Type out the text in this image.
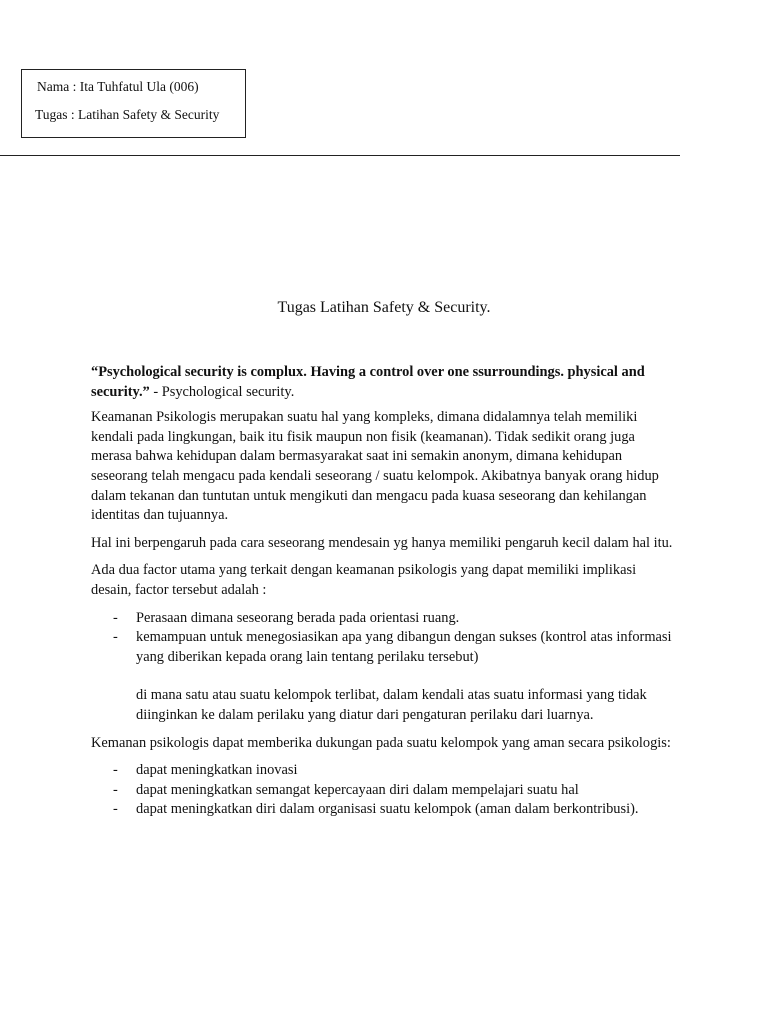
Nama : Ita Tuhfatul Ula (006)
Tugas : Latihan Safety & Security
Tugas Latihan Safety & Security.

“Psychological security is complux. Having a control over one ssurroundings. physical and security.” - Psychological security.

Keamanan Psikologis merupakan suatu hal yang kompleks, dimana didalamnya telah memiliki kendali pada lingkungan, baik itu fisik maupun non fisik (keamanan). Tidak sedikit orang juga merasa bahwa kehidupan dalam bermasyarakat saat ini semakin anonym, dimana kehidupan seseorang telah mengacu pada kendali seseorang / suatu kelompok. Akibatnya banyak orang hidup dalam tekanan dan tuntutan untuk mengikuti dan mengacu pada kuasa seseorang dan kehilangan identitas dan tujuannya.

Hal ini berpengaruh pada cara seseorang mendesain yg hanya memiliki pengaruh kecil dalam hal itu.

Ada dua factor utama yang terkait dengan keamanan psikologis yang dapat memiliki implikasi desain, factor tersebut adalah :

- Perasaan dimana seseorang berada pada orientasi ruang.
- kemampuan untuk menegosiasikan apa yang dibangun dengan sukses (kontrol atas informasi yang diberikan kepada orang lain tentang perilaku tersebut)
di mana satu atau suatu kelompok terlibat, dalam kendali atas suatu informasi yang tidak diinginkan ke dalam perilaku yang diatur dari pengaturan perilaku dari luarnya.

Kemanan psikologis dapat memberika dukungan pada suatu kelompok yang aman secara psikologis:

- dapat meningkatkan inovasi
- dapat meningkatkan semangat kepercayaan diri dalam mempelajari suatu hal
- dapat meningkatkan diri dalam organisasi suatu kelompok (aman dalam berkontribusi).
